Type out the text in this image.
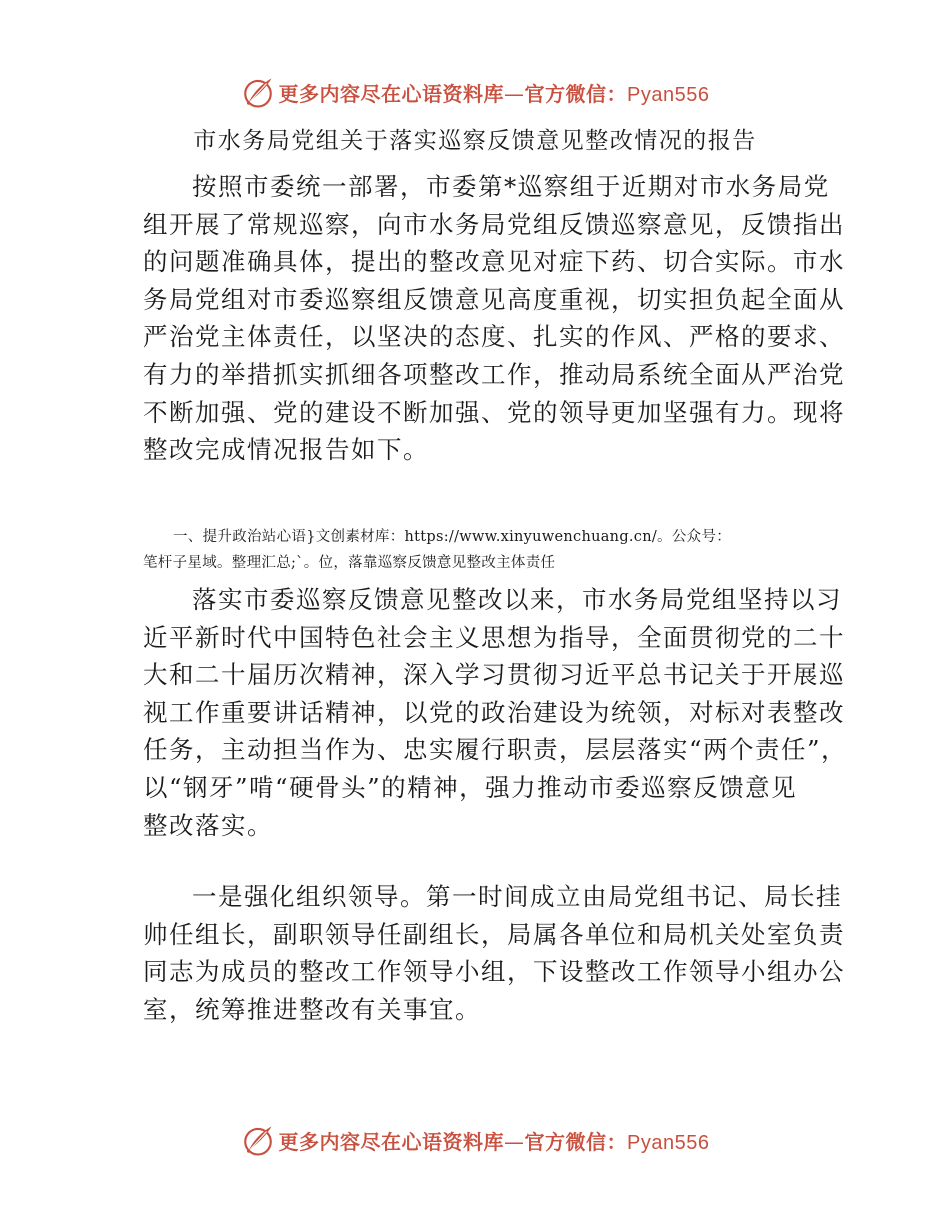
更多内容尽在心语资料库—官方微信：Pyan556
市水务局党组关于落实巡察反馈意见整改情况的报告

按照市委统一部署，市委第*巡察组于近期对市水务局党
组开展了常规巡察，向市水务局党组反馈巡察意见，反馈指出
的问题准确具体，提出的整改意见对症下药、切合实际。市水
务局党组对市委巡察组反馈意见高度重视，切实担负起全面从
严治党主体责任，以坚决的态度、扎实的作风、严格的要求、
有力的举措抓实抓细各项整改工作，推动局系统全面从严治党
不断加强、党的建设不断加强、党的领导更加坚强有力。现将
整改完成情况报告如下。

一、提升政治站心语}文创素材库：https://www.xinyuwenchuang.cn/。公众号：
笔杆子星域。整理汇总;`。位，落靠巡察反馈意见整改主体责任

落实市委巡察反馈意见整改以来，市水务局党组坚持以习
近平新时代中国特色社会主义思想为指导，全面贯彻党的二十
大和二十届历次精神，深入学习贯彻习近平总书记关于开展巡
视工作重要讲话精神，以党的政治建设为统领，对标对表整改
任务，主动担当作为、忠实履行职责，层层落实“两个责任”，
以“钢牙”啃“硬骨头”的精神，强力推动市委巡察反馈意见
整改落实。

一是强化组织领导。第一时间成立由局党组书记、局长挂
帅任组长，副职领导任副组长，局属各单位和局机关处室负责
同志为成员的整改工作领导小组，下设整改工作领导小组办公
室，统筹推进整改有关事宜。

更多内容尽在心语资料库—官方微信：Pyan556
